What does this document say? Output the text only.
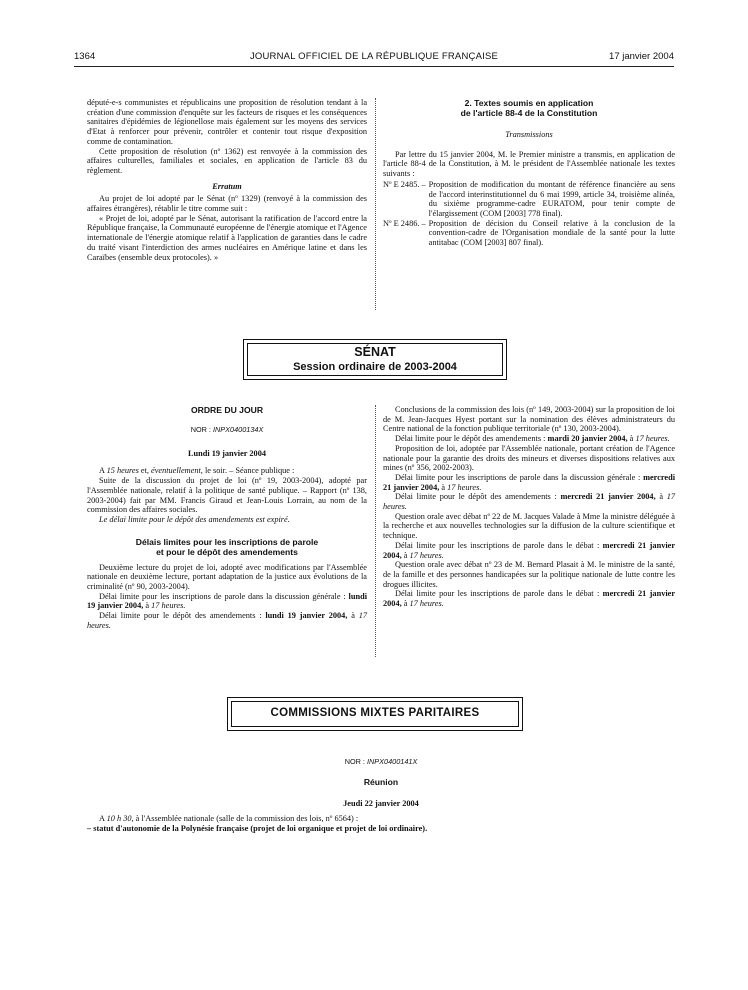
1364	JOURNAL OFFICIEL DE LA RÉPUBLIQUE FRANÇAISE	17 janvier 2004

député-e-s communistes et républicains une proposition de résolution tendant à la création d'une commission d'enquête sur les facteurs de risques et les conséquences sanitaires d'épidémies de légionellose mais également sur les moyens des services d'Etat à renforcer pour prévenir, contrôler et contenir tout risque d'exposition comme de contamination.

Cette proposition de résolution (nº 1362) est renvoyée à la commission des affaires culturelles, familiales et sociales, en application de l'article 83 du règlement.

Erratum

Au projet de loi adopté par le Sénat (nº 1329) (renvoyé à la commission des affaires étrangères), rétablir le titre comme suit :

« Projet de loi, adopté par le Sénat, autorisant la ratification de l'accord entre la République française, la Communauté européenne de l'énergie atomique et l'Agence internationale de l'énergie atomique relatif à l'application de garanties dans le cadre du traité visant l'interdiction des armes nucléaires en Amérique latine et dans les Caraïbes (ensemble deux protocoles). »

2. Textes soumis en application
de l'article 88-4 de la Constitution

Transmissions

Par lettre du 15 janvier 2004, M. le Premier ministre a transmis, en application de l'article 88-4 de la Constitution, à M. le président de l'Assemblée nationale les textes suivants :

Nº E 2485. – Proposition de modification du montant de référence financière au sens de l'accord interinstitutionnel du 6 mai 1999, article 34, troisième alinéa, du sixième programme-cadre EURATOM, pour tenir compte de l'élargissement (COM [2003] 778 final).
Nº E 2486. – Proposition de décision du Conseil relative à la conclusion de la convention-cadre de l'Organisation mondiale de la santé pour la lutte antitabac (COM [2003] 807 final).
SÉNAT
Session ordinaire de 2003-2004
ORDRE DU JOUR
NOR : INPX0400134X

Lundi 19 janvier 2004

A 15 heures et, éventuellement, le soir. – Séance publique :

Suite de la discussion du projet de loi (nº 19, 2003-2004), adopté par l'Assemblée nationale, relatif à la politique de santé publique. – Rapport (nº 138, 2003-2004) fait par MM. Francis Giraud et Jean-Louis Lorrain, au nom de la commission des affaires sociales.

Le délai limite pour le dépôt des amendements est expiré.

Délais limites pour les inscriptions de parole
et pour le dépôt des amendements

Deuxième lecture du projet de loi, adopté avec modifications par l'Assemblée nationale en deuxième lecture, portant adaptation de la justice aux évolutions de la criminalité (nº 90, 2003-2004).

Délai limite pour les inscriptions de parole dans la discussion générale : lundi 19 janvier 2004, à 17 heures.

Délai limite pour le dépôt des amendements : lundi 19 janvier 2004, à 17 heures.

Conclusions de la commission des lois (nº 149, 2003-2004) sur la proposition de loi de M. Jean-Jacques Hyest portant sur la nomination des élèves administrateurs du Centre national de la fonction publique territoriale (nº 130, 2003-2004).

Délai limite pour le dépôt des amendements : mardi 20 janvier 2004, à 17 heures.

Proposition de loi, adoptée par l'Assemblée nationale, portant création de l'Agence nationale pour la garantie des droits des mineurs et diverses dispositions relatives aux mines (nº 356, 2002-2003).

Délai limite pour les inscriptions de parole dans la discussion générale : mercredi 21 janvier 2004, à 17 heures.

Délai limite pour le dépôt des amendements : mercredi 21 janvier 2004, à 17 heures.

Question orale avec débat nº 22 de M. Jacques Valade à Mme la ministre déléguée à la recherche et aux nouvelles technologies sur la diffusion de la culture scientifique et technique.

Délai limite pour les inscriptions de parole dans le débat : mercredi 21 janvier 2004, à 17 heures.

Question orale avec débat nº 23 de M. Bernard Plasait à M. le ministre de la santé, de la famille et des personnes handicapées sur la politique nationale de lutte contre les drogues illicites.

Délai limite pour les inscriptions de parole dans le débat : mercredi 21 janvier 2004, à 17 heures.

COMMISSIONS MIXTES PARITAIRES
NOR : INPX0400141X
Réunion

Jeudi 22 janvier 2004

A 10 h 30, à l'Assemblée nationale (salle de la commission des lois, nº 6564) :

– statut d'autonomie de la Polynésie française (projet de loi organique et projet de loi ordinaire).
